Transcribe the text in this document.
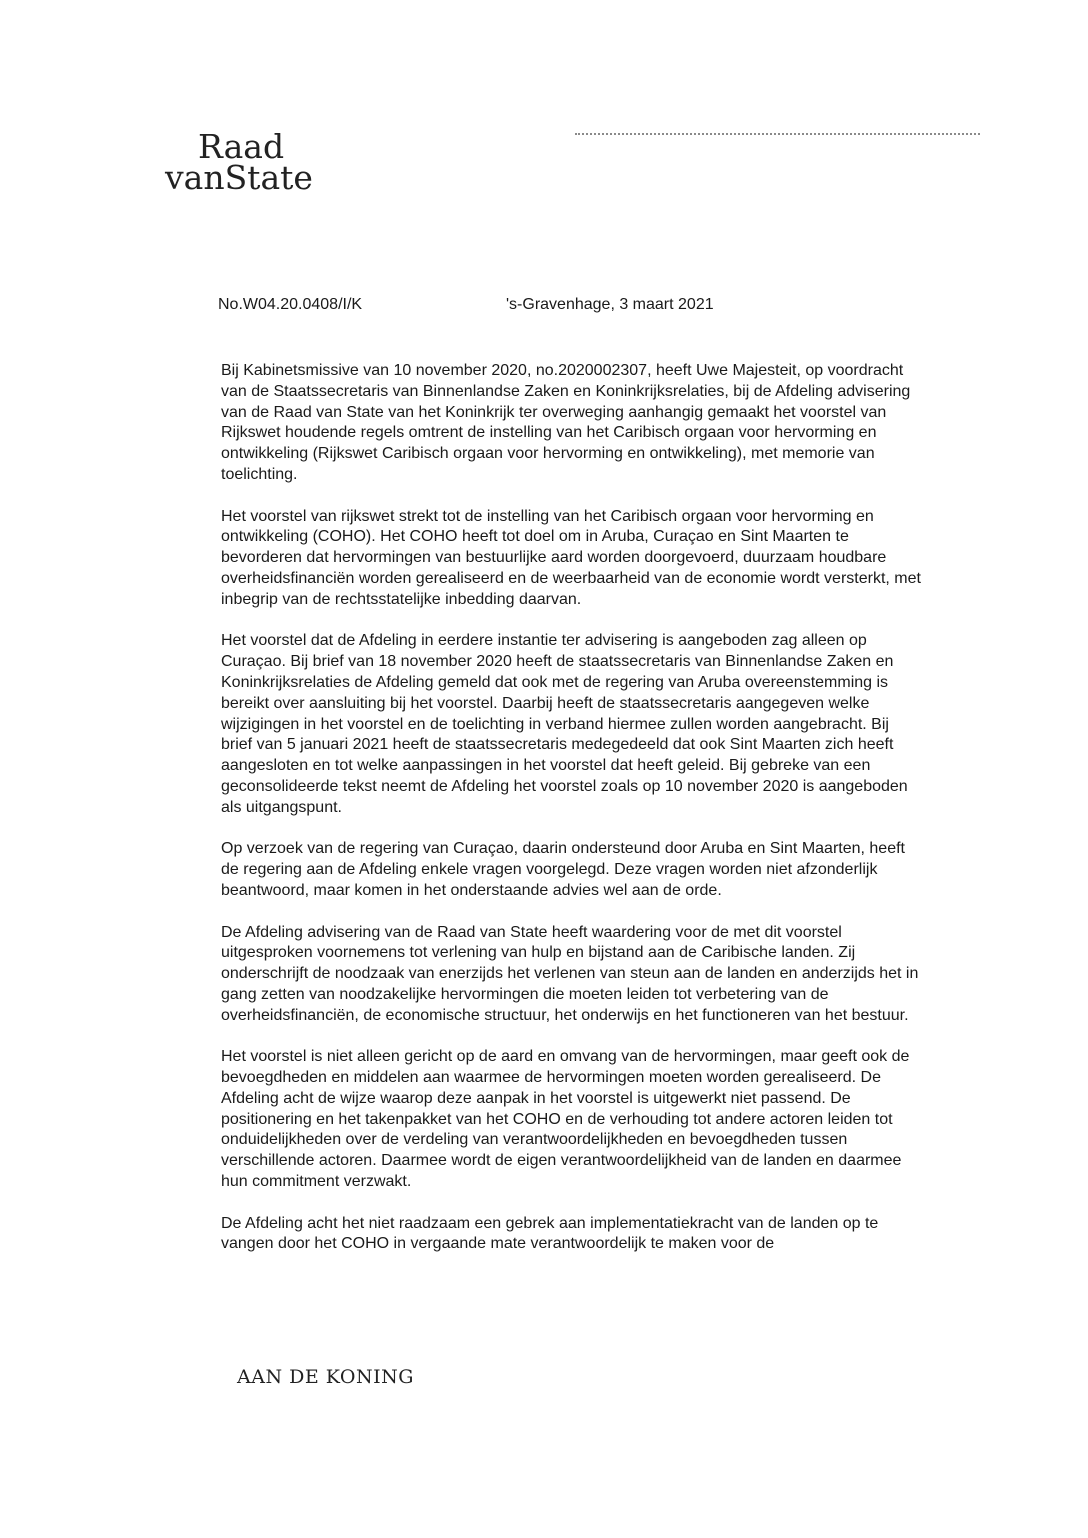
Raad
vanState
No.W04.20.0408/I/K	's-Gravenhage, 3 maart 2021

Bij Kabinetsmissive van 10 november 2020, no.2020002307, heeft Uwe Majesteit, op voordracht van de Staatssecretaris van Binnenlandse Zaken en Koninkrijksrelaties, bij de Afdeling advisering van de Raad van State van het Koninkrijk ter overweging aanhangig gemaakt het voorstel van Rijkswet houdende regels omtrent de instelling van het Caribisch orgaan voor hervorming en ontwikkeling (Rijkswet Caribisch orgaan voor hervorming en ontwikkeling), met memorie van toelichting.

Het voorstel van rijkswet strekt tot de instelling van het Caribisch orgaan voor hervorming en ontwikkeling (COHO). Het COHO heeft tot doel om in Aruba, Curaçao en Sint Maarten te bevorderen dat hervormingen van bestuurlijke aard worden doorgevoerd, duurzaam houdbare overheidsfinanciën worden gerealiseerd en de weerbaarheid van de economie wordt versterkt, met inbegrip van de rechtsstatelijke inbedding daarvan.

Het voorstel dat de Afdeling in eerdere instantie ter advisering is aangeboden zag alleen op Curaçao. Bij brief van 18 november 2020 heeft de staatssecretaris van Binnenlandse Zaken en Koninkrijksrelaties de Afdeling gemeld dat ook met de regering van Aruba overeenstemming is bereikt over aansluiting bij het voorstel. Daarbij heeft de staatssecretaris aangegeven welke wijzigingen in het voorstel en de toelichting in verband hiermee zullen worden aangebracht. Bij brief van 5 januari 2021 heeft de staatssecretaris medegedeeld dat ook Sint Maarten zich heeft aangesloten en tot welke aanpassingen in het voorstel dat heeft geleid. Bij gebreke van een geconsolideerde tekst neemt de Afdeling het voorstel zoals op 10 november 2020 is aangeboden als uitgangspunt.

Op verzoek van de regering van Curaçao, daarin ondersteund door Aruba en Sint Maarten, heeft de regering aan de Afdeling enkele vragen voorgelegd. Deze vragen worden niet afzonderlijk beantwoord, maar komen in het onderstaande advies wel aan de orde.

De Afdeling advisering van de Raad van State heeft waardering voor de met dit voorstel uitgesproken voornemens tot verlening van hulp en bijstand aan de Caribische landen. Zij onderschrijft de noodzaak van enerzijds het verlenen van steun aan de landen en anderzijds het in gang zetten van noodzakelijke hervormingen die moeten leiden tot verbetering van de overheidsfinanciën, de economische structuur, het onderwijs en het functioneren van het bestuur.

Het voorstel is niet alleen gericht op de aard en omvang van de hervormingen, maar geeft ook de bevoegdheden en middelen aan waarmee de hervormingen moeten worden gerealiseerd. De Afdeling acht de wijze waarop deze aanpak in het voorstel is uitgewerkt niet passend. De positionering en het takenpakket van het COHO en de verhouding tot andere actoren leiden tot onduidelijkheden over de verdeling van verantwoordelijkheden en bevoegdheden tussen verschillende actoren. Daarmee wordt de eigen verantwoordelijkheid van de landen en daarmee hun commitment verzwakt.

De Afdeling acht het niet raadzaam een gebrek aan implementatiekracht van de landen op te vangen door het COHO in vergaande mate verantwoordelijk te maken voor de

AAN DE KONING
